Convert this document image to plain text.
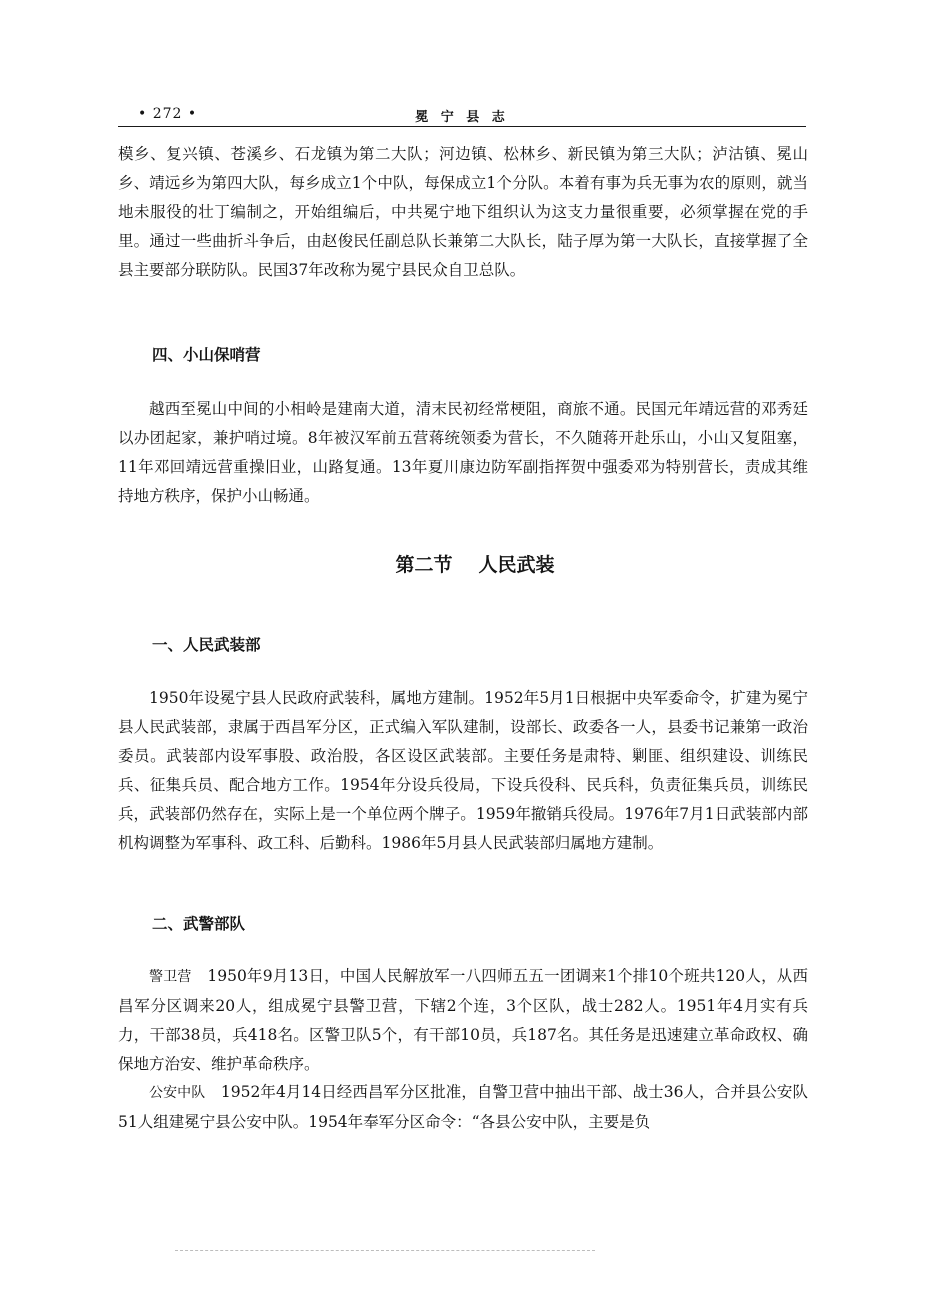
• 272 •	冕 宁 县 志

模乡、复兴镇、苍溪乡、石龙镇为第二大队；河边镇、松林乡、新民镇为第三大队；泸沽镇、冕山乡、靖远乡为第四大队，每乡成立1个中队，每保成立1个分队。本着有事为兵无事为农的原则，就当地未服役的壮丁编制之，开始组编后，中共冕宁地下组织认为这支力量很重要，必须掌握在党的手里。通过一些曲折斗争后，由赵俊民任副总队长兼第二大队长，陆子厚为第一大队长，直接掌握了全县主要部分联防队。民国37年改称为冕宁县民众自卫总队。

四、小山保哨营

越西至冕山中间的小相岭是建南大道，清末民初经常梗阻，商旅不通。民国元年靖远营的邓秀廷以办团起家，兼护哨过境。8年被汉军前五营蒋统领委为营长，不久随蒋开赴乐山，小山又复阻塞，11年邓回靖远营重操旧业，山路复通。13年夏川康边防军副指挥贺中强委邓为特别营长，责成其维持地方秩序，保护小山畅通。

第二节 人民武装

一、人民武装部

1950年设冕宁县人民政府武装科，属地方建制。1952年5月1日根据中央军委命令，扩建为冕宁县人民武装部，隶属于西昌军分区，正式编入军队建制，设部长、政委各一人，县委书记兼第一政治委员。武装部内设军事股、政治股，各区设区武装部。主要任务是肃特、剿匪、组织建设、训练民兵、征集兵员、配合地方工作。1954年分设兵役局，下设兵役科、民兵科，负责征集兵员，训练民兵，武装部仍然存在，实际上是一个单位两个牌子。1959年撤销兵役局。1976年7月1日武装部内部机构调整为军事科、政工科、后勤科。1986年5月县人民武装部归属地方建制。

二、武警部队

警卫营　 1950年9月13日，中国人民解放军一八四师五五一团调来1个排10个班共120人，从西昌军分区调来20人，组成冕宁县警卫营，下辖2个连，3个区队，战士282人。1951年4月实有兵力，干部38员，兵418名。区警卫队5个，有干部10员，兵187名。其任务是迅速建立革命政权、确保地方治安、维护革命秩序。

公安中队　 1952年4月14日经西昌军分区批准，自警卫营中抽出干部、战士36人，合并县公安队51人组建冕宁县公安中队。1954年奉军分区命令：“各县公安中队，主要是负
